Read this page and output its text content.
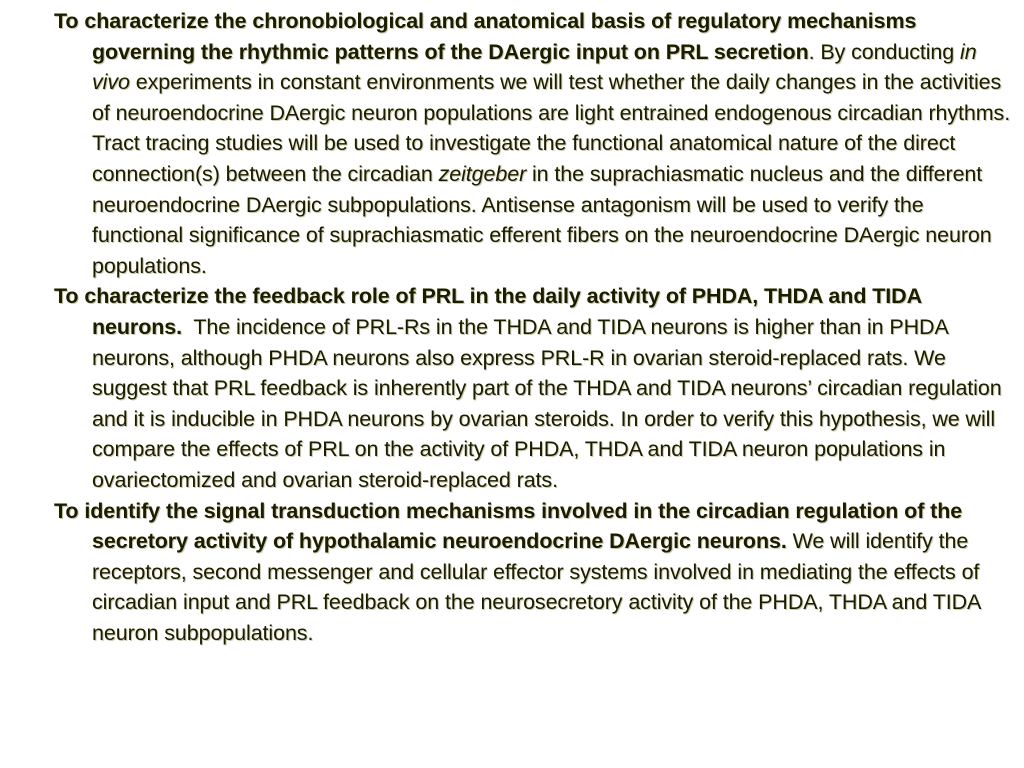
To characterize the chronobiological and anatomical basis of regulatory mechanisms governing the rhythmic patterns of the DAergic input on PRL secretion. By conducting in vivo experiments in constant environments we will test whether the daily changes in the activities of neuroendocrine DAergic neuron populations are light entrained endogenous circadian rhythms. Tract tracing studies will be used to investigate the functional anatomical nature of the direct connection(s) between the circadian zeitgeber in the suprachiasmatic nucleus and the different neuroendocrine DAergic subpopulations. Antisense antagonism will be used to verify the functional significance of suprachiasmatic efferent fibers on the neuroendocrine DAergic neuron populations.

To characterize the feedback role of PRL in the daily activity of PHDA, THDA and TIDA neurons.  The incidence of PRL-Rs in the THDA and TIDA neurons is higher than in PHDA neurons, although PHDA neurons also express PRL-R in ovarian steroid-replaced rats. We suggest that PRL feedback is inherently part of the THDA and TIDA neurons’ circadian regulation and it is inducible in PHDA neurons by ovarian steroids. In order to verify this hypothesis, we will compare the effects of PRL on the activity of PHDA, THDA and TIDA neuron populations in ovariectomized and ovarian steroid-replaced rats.

To identify the signal transduction mechanisms involved in the circadian regulation of the secretory activity of hypothalamic neuroendocrine DAergic neurons. We will identify the receptors, second messenger and cellular effector systems involved in mediating the effects of circadian input and PRL feedback on the neurosecretory activity of the PHDA, THDA and TIDA neuron subpopulations.
